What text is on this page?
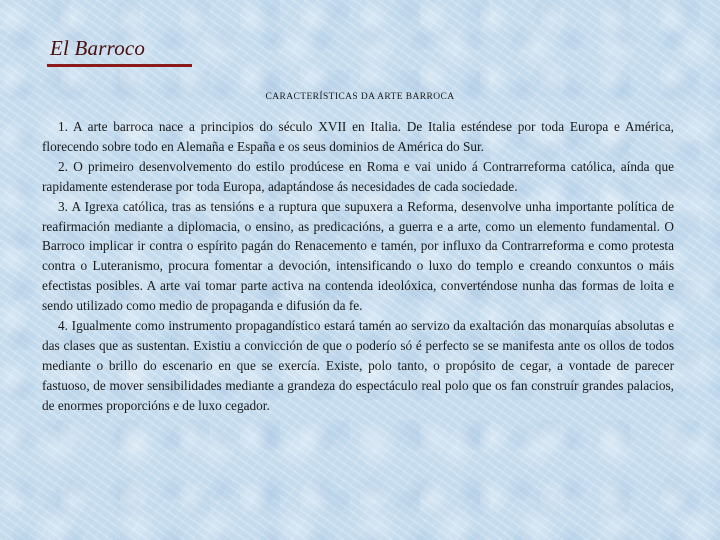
El Barroco
CARACTERÍSTICAS DA ARTE BARROCA

1. A arte barroca nace a principios do século XVII en Italia. De Italia esténdese por toda Europa e América, florecendo sobre todo en Alemaña e España e os seus dominios de América do Sur.

2. O primeiro desenvolvemento do estilo prodúcese en Roma e vai unido á Contrarreforma católica, aínda que rapidamente estenderase por toda Europa, adaptándose ás necesidades de cada sociedade.

3. A Igrexa católica, tras as tensións e a ruptura que supuxera a Reforma, desenvolve unha importante política de reafirmación mediante a diplomacia, o ensino, as predicacións, a guerra e a arte, como un elemento fundamental. O Barroco implicar ir contra o espírito pagán do Renacemento e tamén, por influxo da Contrarreforma e como protesta contra o Luteranismo, procura fomentar a devoción, intensificando o luxo do templo e creando conxuntos o máis efectistas posibles. A arte vai tomar parte activa na contenda ideolóxica, converténdose nunha das formas de loita e sendo utilizado como medio de propaganda e difusión da fe.

4. Igualmente como instrumento propagandístico estará tamén ao servizo da exaltación das monarquías absolutas e das clases que as sustentan. Existiu a convicción de que o poderío só é perfecto se se manifesta ante os ollos de todos mediante o brillo do escenario en que se exercía. Existe, polo tanto, o propósito de cegar, a vontade de parecer fastuoso, de mover sensibilidades mediante a grandeza do espectáculo real polo que os fan construír grandes palacios, de enormes proporcións e de luxo cegador.
